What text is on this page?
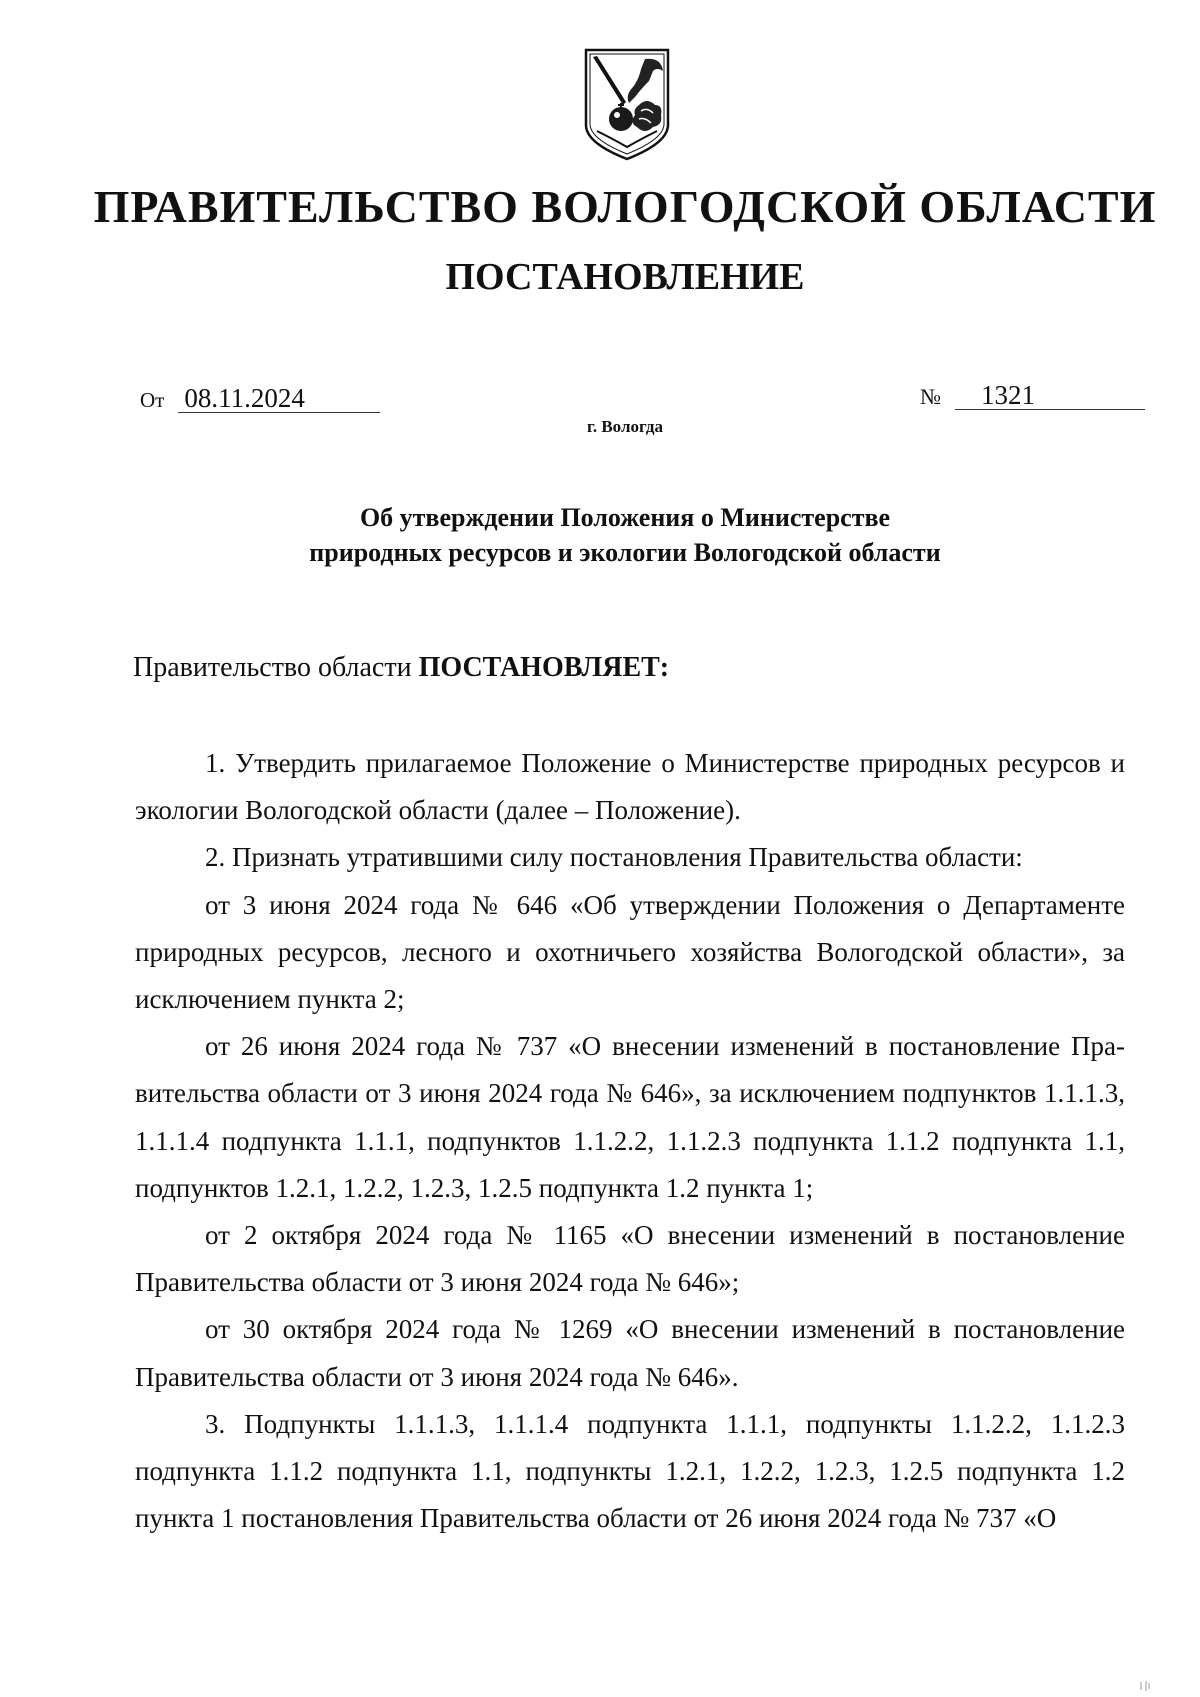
ПРАВИТЕЛЬСТВО ВОЛОГОДСКОЙ ОБЛАСТИ
ПОСТАНОВЛЕНИЕ
От 08.11.2024	№ 1321
г. Вологда
Об утверждении Положения о Министерстве
природных ресурсов и экологии Вологодской области
Правительство области ПОСТАНОВЛЯЕТ:

1. Утвердить прилагаемое Положение о Министерстве природных ресурсов и экологии Вологодской области (далее – Положение).

2. Признать утратившими силу постановления Правительства области:

от 3 июня 2024 года № 646 «Об утверждении Положения о Департаменте природных ресурсов, лесного и охотничьего хозяйства Вологодской области», за исключением пункта 2;

от 26 июня 2024 года № 737 «О внесении изменений в постановление Правительства области от 3 июня 2024 года № 646», за исключением подпунктов 1.1.1.3, 1.1.1.4 подпункта 1.1.1, подпунктов 1.1.2.2, 1.1.2.3 подпункта 1.1.2 подпункта 1.1, подпунктов 1.2.1, 1.2.2, 1.2.3, 1.2.5 подпункта 1.2 пункта 1;

от 2 октября 2024 года № 1165 «О внесении изменений в постановление Правительства области от 3 июня 2024 года № 646»;

от 30 октября 2024 года № 1269 «О внесении изменений в постановление Правительства области от 3 июня 2024 года № 646».

3. Подпункты 1.1.1.3, 1.1.1.4 подпункта 1.1.1, подпункты 1.1.2.2, 1.1.2.3 подпункта 1.1.2 подпункта 1.1, подпункты 1.2.1, 1.2.2, 1.2.3, 1.2.5 подпункта 1.2 пункта 1 постановления Правительства области от 26 июня 2024 года № 737 «О
